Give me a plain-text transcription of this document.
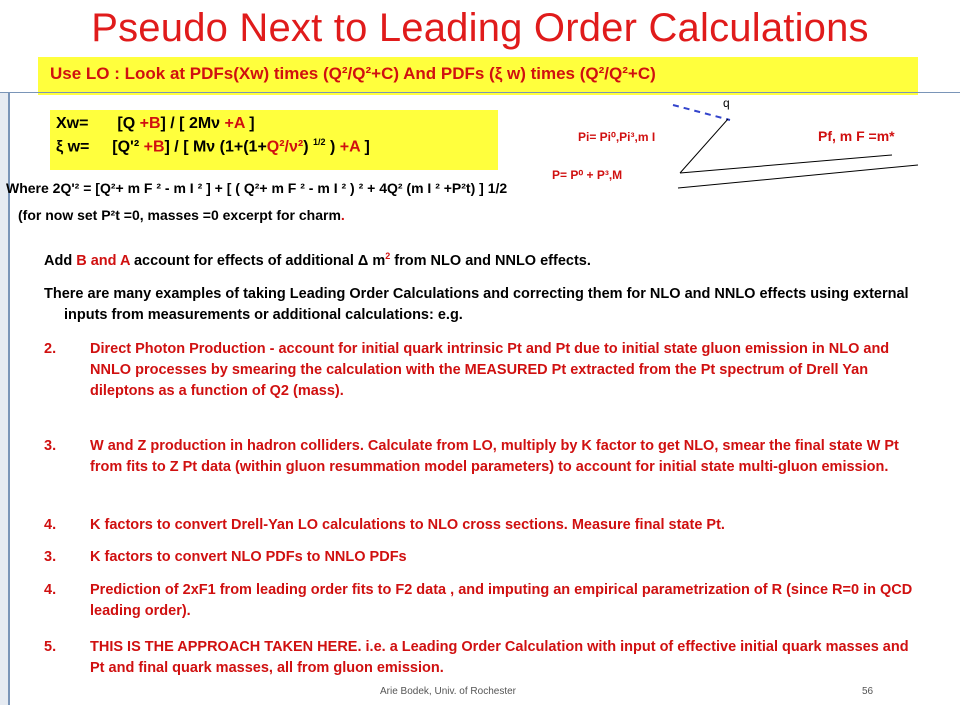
Pseudo Next to Leading Order Calculations
Use LO : Look at PDFs(Xw) times (Q²/Q²+C) And PDFs (ξ w) times (Q²/Q²+C)
Xw= [Q +B] / [ 2Mν +A ]
ξ w= [Q'² +B] / [ Mν (1+(1+Q²/ν²) $^{1/2}$ ) +A ]
q
Pi= Pi⁰,Pi³,m I	Pf, m F =m*
P= P⁰ + P³,M
Where 2Q'² = [Q²+ m F ² - m I ² ] + [ ( Q²+ m F ² - m I ² ) ² + 4Q² (m I ² +P²t) ] 1/2
(for now set P²t =0, masses =0 excerpt for charm.
Add B and A account for effects of additional Δ $m^2$ from NLO and NNLO effects.
There are many examples of taking Leading Order Calculations and correcting them for NLO and NNLO effects using external inputs from measurements or additional calculations: e.g.
2. Direct Photon Production - account for initial quark intrinsic Pt and Pt due to initial state gluon emission in NLO and NNLO processes by smearing the calculation with the MEASURED Pt extracted from the Pt spectrum of Drell Yan dileptons as a function of Q2 (mass).
3. W and Z production in hadron colliders. Calculate from LO, multiply by K factor to get NLO, smear the final state W Pt from fits to Z Pt data (within gluon resummation model parameters) to account for initial state multi-gluon emission.
4. K factors to convert Drell-Yan LO calculations to NLO cross sections. Measure final state Pt.
3. K factors to convert NLO PDFs to NNLO PDFs
4. Prediction of 2xF1 from leading order fits to F2 data , and imputing an empirical parametrization of R (since R=0 in QCD leading order).
5. THIS IS THE APPROACH TAKEN HERE. i.e. a Leading Order Calculation with input of effective initial quark masses and Pt and final quark masses, all from gluon emission.
Arie Bodek, Univ. of Rochester	56
